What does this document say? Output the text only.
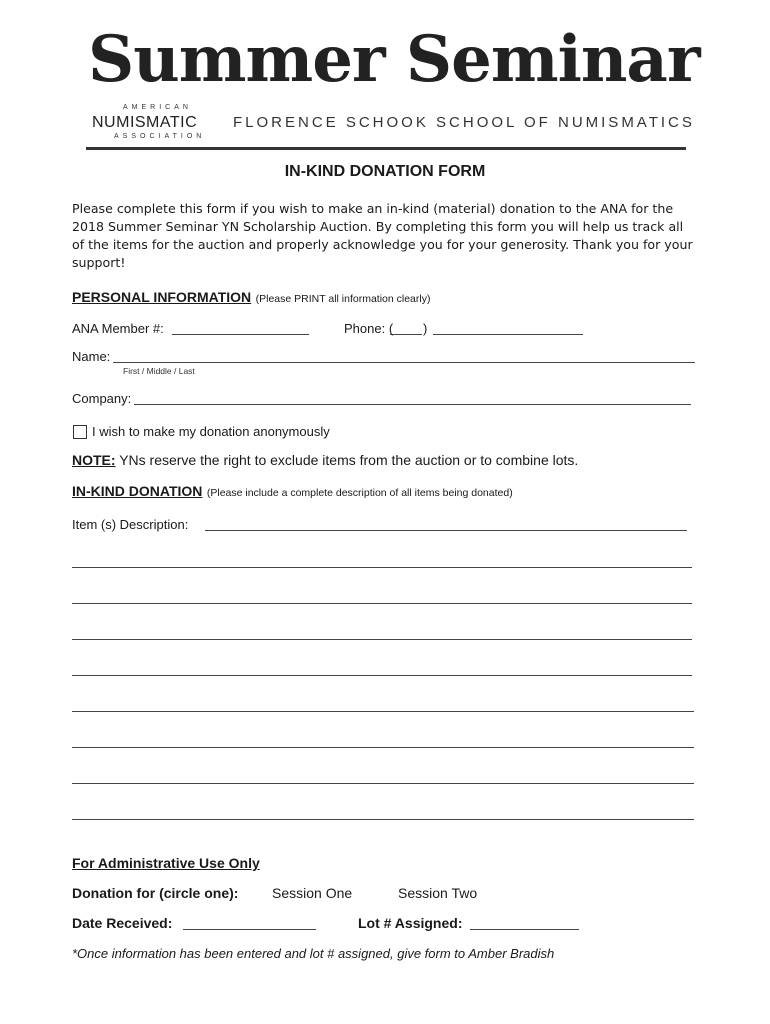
Summer Seminar
AMERICAN
NUMISMATIC
ASSOCIATION
FLORENCE SCHOOK SCHOOL OF NUMISMATICS
IN-KIND DONATION FORM
Please complete this form if you wish to make an in-kind (material) donation to the ANA for the 2018 Summer Seminar YN Scholarship Auction. By completing this form you will help us track all of the items for the auction and properly acknowledge you for your generosity. Thank you for your support!
PERSONAL INFORMATION (Please PRINT all information clearly)
ANA Member #:	Phone: ( )
Name:
First / Middle / Last
Company:
I wish to make my donation anonymously
NOTE: YNs reserve the right to exclude items from the auction or to combine lots.
IN-KIND DONATION (Please include a complete description of all items being donated)
Item (s) Description:
For Administrative Use Only
Donation for (circle one): Session One	Session Two
Date Received:	Lot # Assigned:
*Once information has been entered and lot # assigned, give form to Amber Bradish
